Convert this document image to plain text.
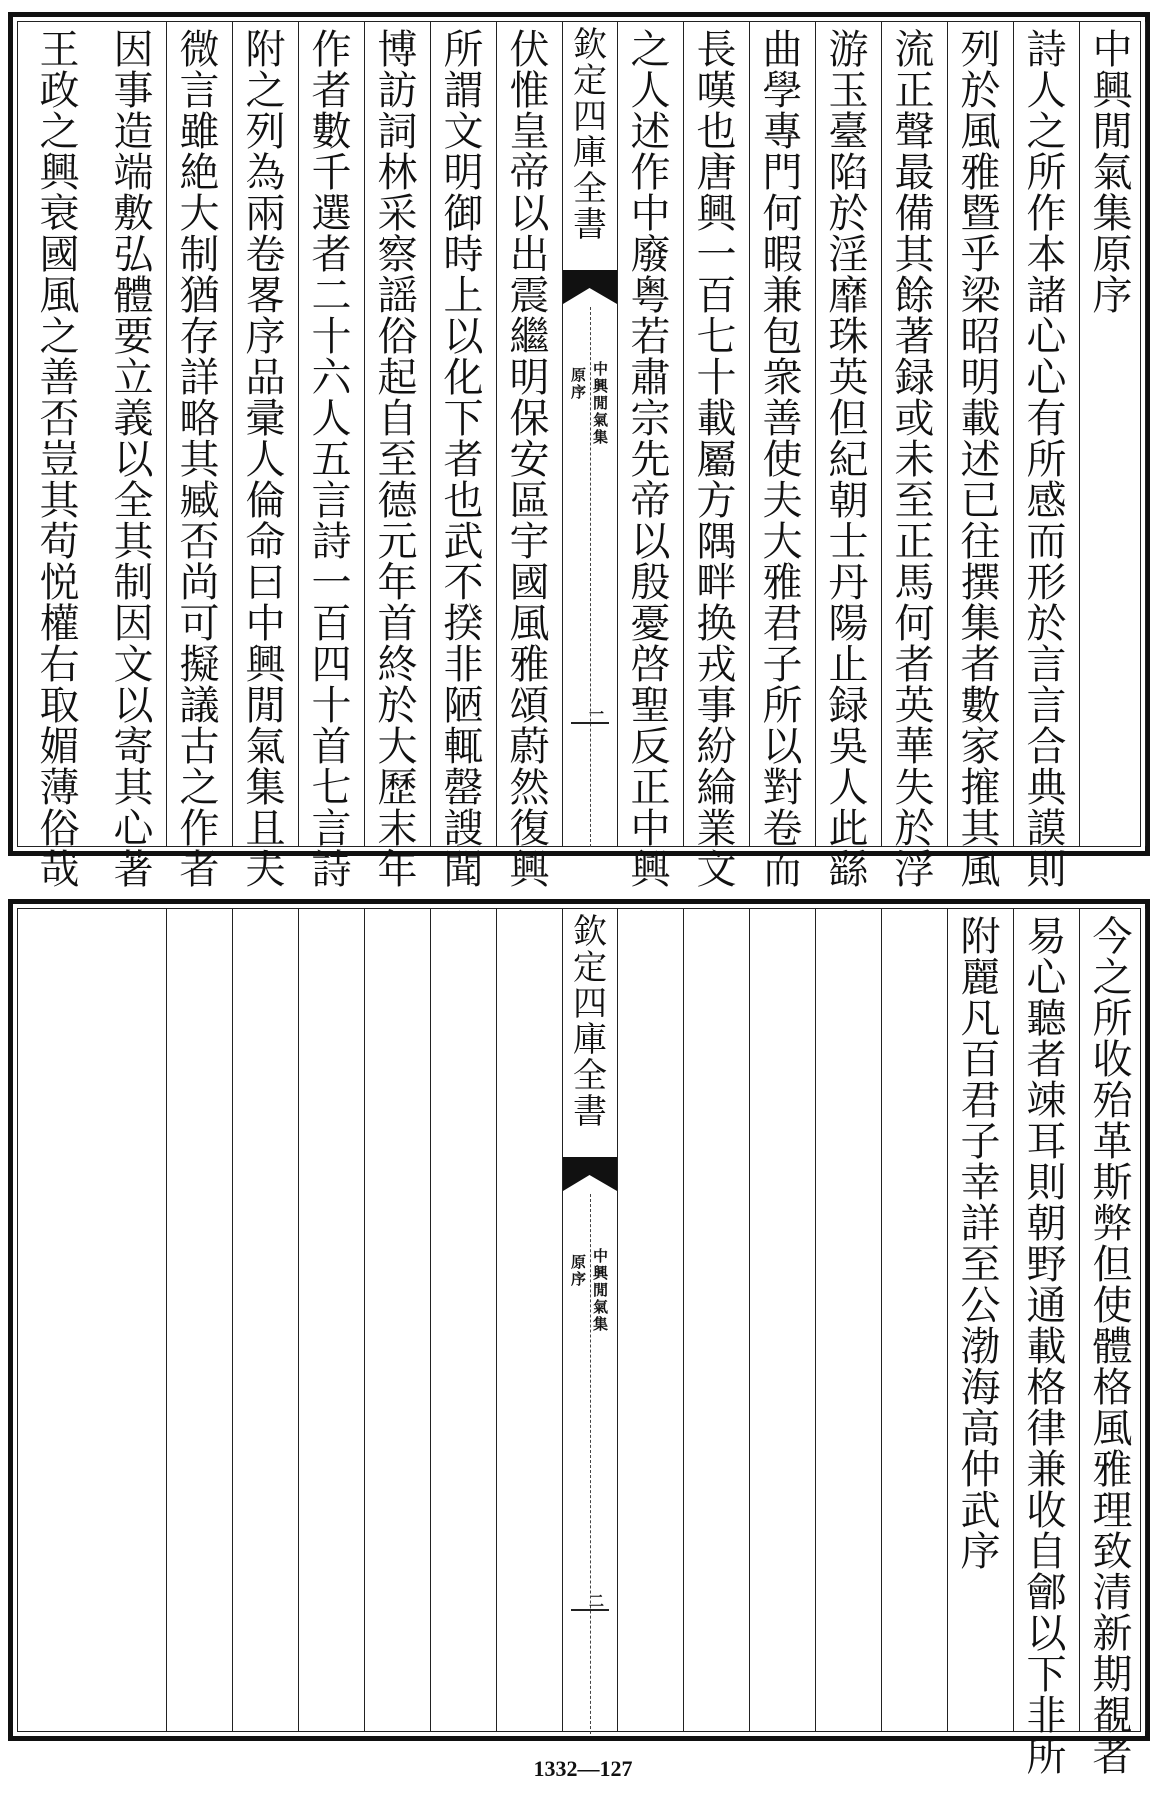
中
興
閒
氣
集
原
序
詩
人
之
所
作
本
諸
心
心
有
所
感
而
形
於
言
言
合
典
謨
則
列
於
風
雅
暨
乎
梁
昭
明
載
述
已
往
撰
集
者
數
家
㩁
其
風
流
正
聲
最
備
其
餘
著
録
或
未
至
正
馬
何
者
英
華
失
於
浮
游
玉
臺
陷
於
淫
靡
珠
英
但
紀
朝
士
丹
陽
止
録
吳
人
此
繇
曲
學
專
門
何
暇
兼
包
衆
善
使
夫
大
雅
君
子
所
以
對
卷
而
長
嘆
也
唐
興
一
百
七
十
載
屬
方
隅
畔
换
戎
事
紛
綸
業
文
之
人
述
作
中
廢
粤
若
肅
宗
先
帝
以
殷
憂
啓
聖
反
正
中
興
欽
定
四
庫
全
書
中
興
閒
氣
集
原
序
一
伏
惟
皇
帝
以
出
震
繼
明
保
安
區
宇
國
風
雅
頌
蔚
然
復
興
所
謂
文
明
御
時
上
以
化
下
者
也
武
不
揆
非
陋
輒
罄
謏
聞
博
訪
詞
林
采
察
謡
俗
起
自
至
德
元
年
首
終
於
大
歷
末
年
作
者
數
千
選
者
二
十
六
人
五
言
詩
一
百
四
十
首
七
言
詩
附
之
列
為
兩
卷
畧
序
品
彚
人
倫
命
曰
中
興
閒
氣
集
且
夫
微
言
雖
絶
大
制
猶
存
詳
略
其
臧
否
尚
可
擬
議
古
之
作
者
因
事
造
端
敷
弘
體
要
立
義
以
全
其
制
因
文
以
寄
其
心
著
王
政
之
興
衰
國
風
之
善
否
豈
其
苟
悦
權
右
取
媚
薄
俗
哉
今
之
所
收
殆
革
斯
弊
但
使
體
格
風
雅
理
致
清
新
期
覩
者
易
心
聽
者
竦
耳
則
朝
野
通
載
格
律
兼
收
自
鄶
以
下
非
所
附
麗
凡
百
君
子
幸
詳
至
公
渤
海
高
仲
武
序
欽
定
四
庫
全
書
中
興
閒
氣
集
原
序
二
1332—127
